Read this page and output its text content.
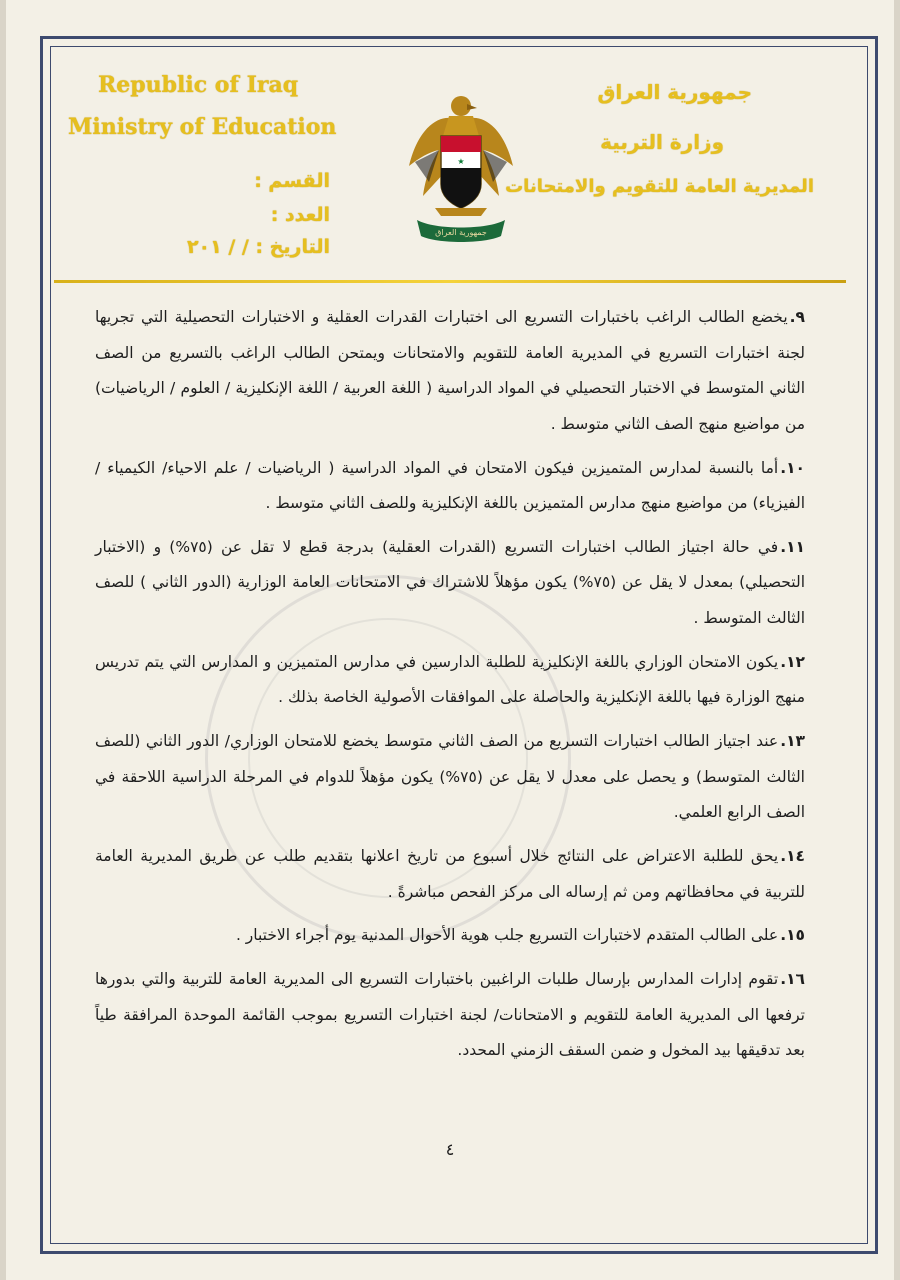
Republic of Iraq
Ministry of Education
جمهورية العراق
وزارة التربية
المديرية العامة للتقويم والامتحانات
القسم :
العدد :
التاريخ : / / ٢٠١
★
جمهورية العراق
٩.يخضع الطالب الراغب باختبارات التسريع الى اختبارات القدرات العقلية و الاختبارات التحصيلية التي تجريها لجنة اختبارات التسريع في المديرية العامة للتقويم والامتحانات ويمتحن الطالب الراغب بالتسريع من الصف الثاني المتوسط في الاختبار التحصيلي في المواد الدراسية ( اللغة العربية / اللغة الإنكليزية / العلوم / الرياضيات) من مواضيع منهج الصف الثاني متوسط .
١٠.أما بالنسبة لمدارس المتميزين فيكون الامتحان في المواد الدراسية ( الرياضيات / علم الاحياء/ الكيمياء / الفيزياء) من مواضيع منهج مدارس المتميزين باللغة الإنكليزية وللصف الثاني متوسط .
١١.في حالة اجتياز الطالب اختبارات التسريع (القدرات العقلية) بدرجة قطع لا تقل عن (٧٥%) و (الاختبار التحصيلي) بمعدل لا يقل عن (٧٥%) يكون مؤهلاً للاشتراك في الامتحانات العامة الوزارية (الدور الثاني ) للصف الثالث المتوسط .
١٢.يكون الامتحان الوزاري باللغة الإنكليزية للطلبة الدارسين في مدارس المتميزين و المدارس التي يتم تدريس منهج الوزارة فيها باللغة الإنكليزية والحاصلة على الموافقات الأصولية الخاصة بذلك .
١٣.عند اجتياز الطالب اختبارات التسريع من الصف الثاني متوسط يخضع للامتحان الوزاري/ الدور الثاني (للصف الثالث المتوسط) و يحصل على معدل لا يقل عن (٧٥%) يكون مؤهلاً للدوام في المرحلة الدراسية اللاحقة في الصف الرابع العلمي.
١٤.يحق للطلبة الاعتراض على النتائج خلال أسبوع من تاريخ اعلانها بتقديم طلب عن طريق المديرية العامة للتربية في محافظاتهم ومن ثم إرساله الى مركز الفحص مباشرةً .
١٥.على الطالب المتقدم لاختبارات التسريع جلب هوية الأحوال المدنية يوم أجراء الاختبار .
١٦.تقوم إدارات المدارس بإرسال طلبات الراغبين باختبارات التسريع الى المديرية العامة للتربية والتي بدورها ترفعها الى المديرية العامة للتقويم و الامتحانات/ لجنة اختبارات التسريع بموجب القائمة الموحدة المرافقة طياً بعد تدقيقها بيد المخول و ضمن السقف الزمني المحدد.
٤
